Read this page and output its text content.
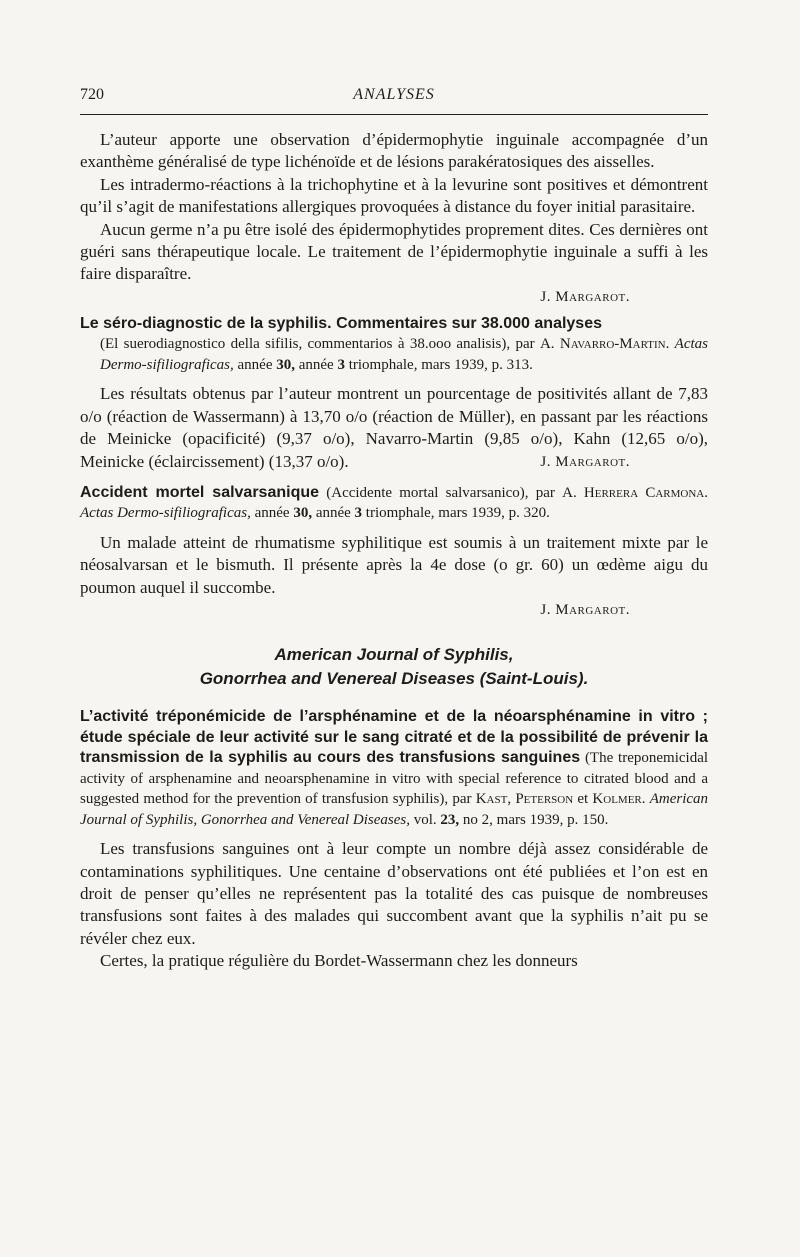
720	ANALYSES

L’auteur apporte une observation d’épidermophytie inguinale accompagnée d’un exanthème généralisé de type lichénoïde et de lésions parakératosiques des aisselles.

Les intradermo-réactions à la trichophytine et à la levurine sont positives et démontrent qu’il s’agit de manifestations allergiques provoquées à distance du foyer initial parasitaire.

Aucun germe n’a pu être isolé des épidermophytides proprement dites. Ces dernières ont guéri sans thérapeutique locale. Le traitement de l’épidermophytie inguinale a suffi à les faire disparaître.

J. Margarot.

Le séro-diagnostic de la syphilis. Commentaires sur 38.000 analyses
(El suerodiagnostico della sifilis, commentarios à 38.ooo analisis), par A. Navarro-Martin. Actas Dermo-sifiliograficas, année 30, année 3 triomphale, mars 1939, p. 313.

Les résultats obtenus par l’auteur montrent un pourcentage de positivités allant de 7,83 o/o (réaction de Wassermann) à 13,70 o/o (réaction de Müller), en passant par les réactions de Meinicke (opacificité) (9,37 o/o), Navarro-Martin (9,85 o/o), Kahn (12,65 o/o), Meinicke (éclaircissement) (13,37 o/o).	J. Margarot.

Accident mortel salvarsanique (Accidente mortal salvarsanico), par A. Herrera Carmona. Actas Dermo-sifiliograficas, année 30, année 3 triomphale, mars 1939, p. 320.

Un malade atteint de rhumatisme syphilitique est soumis à un traitement mixte par le néosalvarsan et le bismuth. Il présente après la 4e dose (o gr. 60) un œdème aigu du poumon auquel il succombe.

J. Margarot.

American Journal of Syphilis,
Gonorrhea and Venereal Diseases (Saint-Louis).
L’activité tréponémicide de l’arsphénamine et de la néoarsphénamine in vitro ; étude spéciale de leur activité sur le sang citraté et de la possibilité de prévenir la transmission de la syphilis au cours des transfusions sanguines (The treponemicidal activity of arsphenamine and neoarsphenamine in vitro with special reference to citrated blood and a suggested method for the prevention of transfusion syphilis), par Kast, Peterson et Kolmer. American Journal of Syphilis, Gonorrhea and Venereal Diseases, vol. 23, no 2, mars 1939, p. 150.

Les transfusions sanguines ont à leur compte un nombre déjà assez considérable de contaminations syphilitiques. Une centaine d’observations ont été publiées et l’on est en droit de penser qu’elles ne représentent pas la totalité des cas puisque de nombreuses transfusions sont faites à des malades qui succombent avant que la syphilis n’ait pu se révéler chez eux.

Certes, la pratique régulière du Bordet-Wassermann chez les donneurs
